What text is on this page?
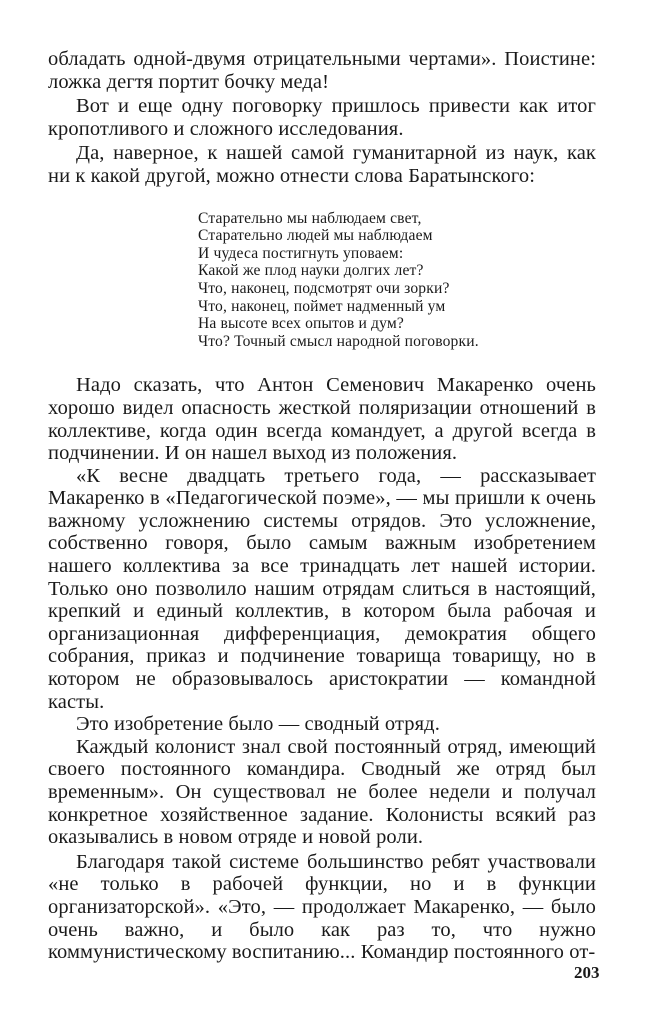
обладать одной-двумя отрицательными чертами». Поистине: ложка дегтя портит бочку меда!

Вот и еще одну поговорку пришлось привести как итог кропотливого и сложного исследования.

Да, наверное, к нашей самой гуманитарной из наук, как ни к какой другой, можно отнести слова Баратынского:

Старательно мы наблюдаем свет,
Старательно людей мы наблюдаем
И чудеса постигнуть уповаем:
Какой же плод науки долгих лет?
Что, наконец, подсмотрят очи зорки?
Что, наконец, поймет надменный ум
На высоте всех опытов и дум?
Что? Точный смысл народной поговорки.

Надо сказать, что Антон Семенович Макаренко очень хорошо видел опасность жесткой поляризации отношений в коллективе, когда один всегда командует, а другой всегда в подчинении. И он нашел выход из положения.

«К весне двадцать третьего года, — рассказывает Макаренко в «Педагогической поэме», — мы пришли к очень важному усложнению системы отрядов. Это усложнение, собственно говоря, было самым важным изобретением нашего коллектива за все тринадцать лет нашей истории. Только оно позволило нашим отрядам слиться в настоящий, крепкий и единый коллектив, в котором была рабочая и организационная дифференциация, демократия общего собрания, приказ и подчинение товарища товарищу, но в котором не образовывалось аристократии — командной касты.

Это изобретение было — сводный отряд.

Каждый колонист знал свой постоянный отряд, имеющий своего постоянного командира. Сводный же отряд был временным». Он существовал не более недели и получал конкретное хозяйственное задание. Колонисты всякий раз оказывались в новом отряде и новой роли.

Благодаря такой системе большинство ребят участвовали «не только в рабочей функции, но и в функции организаторской». «Это, — продолжает Макаренко, — было очень важно, и было как раз то, что нужно коммунистическому воспитанию... Командир постоянного от-

203
